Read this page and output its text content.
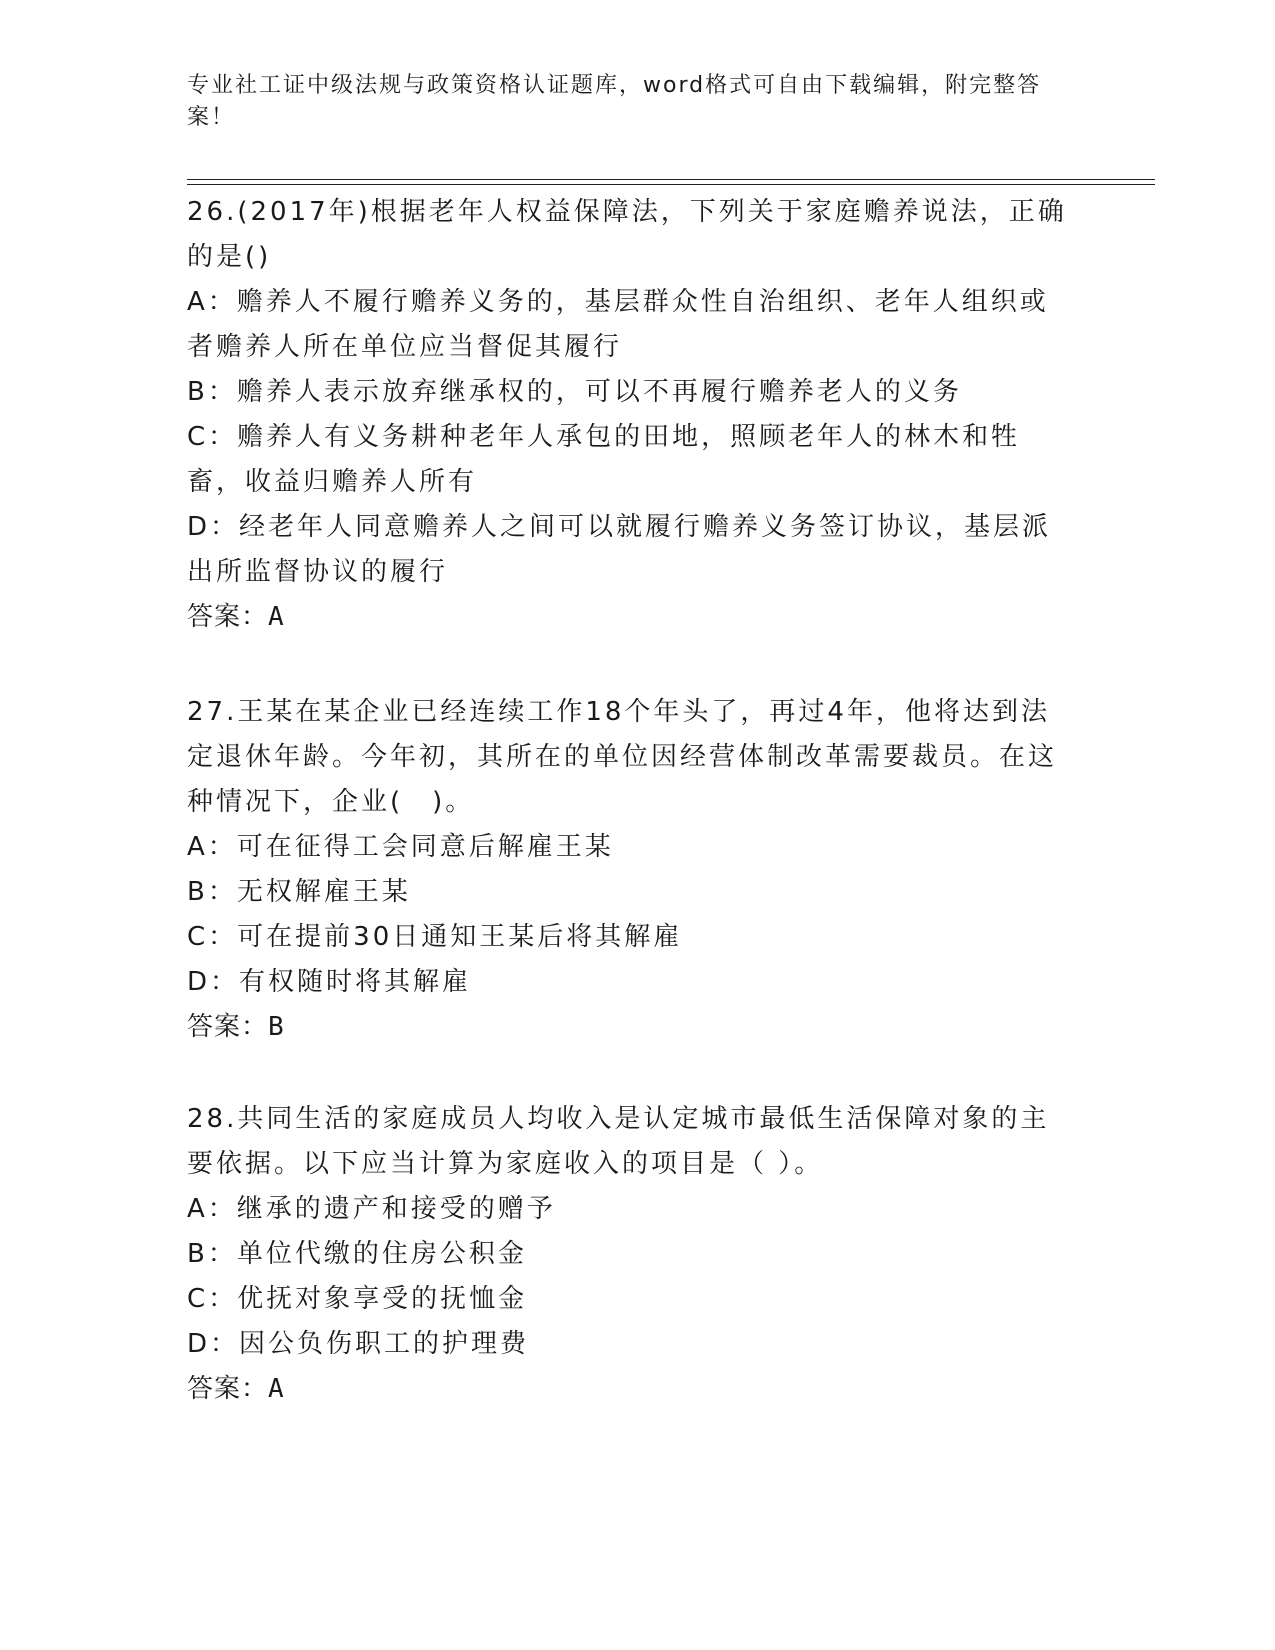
专业社工证中级法规与政策资格认证题库，word格式可自由下载编辑，附完整答案！

26.(2017年)根据老年人权益保障法，下列关于家庭赡养说法，正确的是()

A：赡养人不履行赡养义务的，基层群众性自治组织、老年人组织或者赡养人所在单位应当督促其履行

B：赡养人表示放弃继承权的，可以不再履行赡养老人的义务

C：赡养人有义务耕种老年人承包的田地，照顾老年人的林木和牲畜，收益归赡养人所有

D：经老年人同意赡养人之间可以就履行赡养义务签订协议，基层派出所监督协议的履行

答案：A

27.王某在某企业已经连续工作18个年头了，再过4年，他将达到法定退休年龄。今年初，其所在的单位因经营体制改革需要裁员。在这种情况下，企业(　)。

A：可在征得工会同意后解雇王某

B：无权解雇王某

C：可在提前30日通知王某后将其解雇

D：有权随时将其解雇

答案：B

28.共同生活的家庭成员人均收入是认定城市最低生活保障对象的主要依据。以下应当计算为家庭收入的项目是（ ）。

A：继承的遗产和接受的赠予

B：单位代缴的住房公积金

C：优抚对象享受的抚恤金

D：因公负伤职工的护理费

答案：A
